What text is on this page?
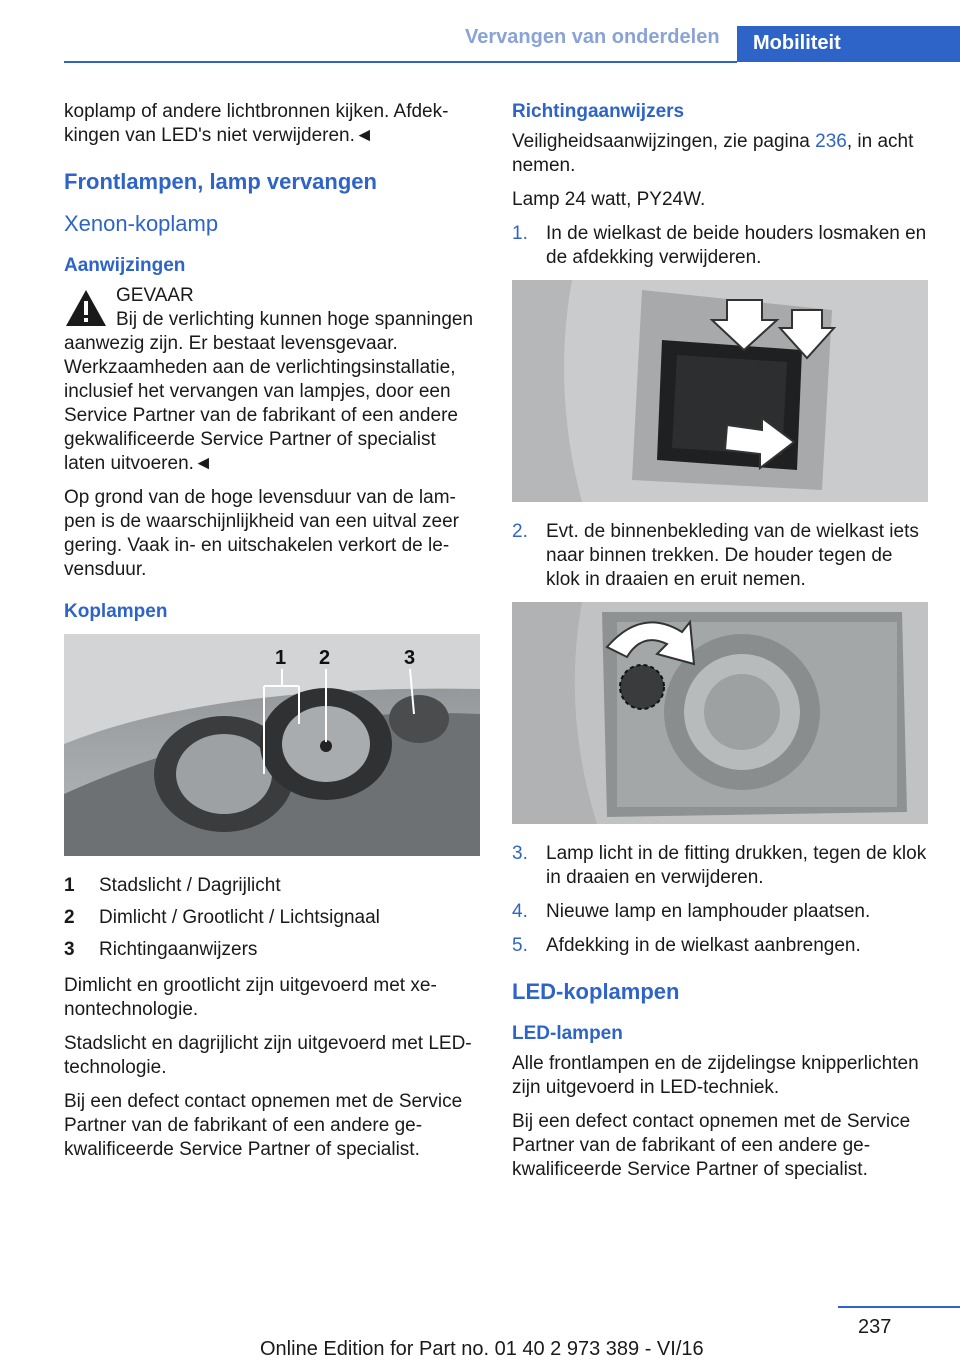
Vervangen van onderdelen Mobiliteit

koplamp of andere lichtbronnen kijken. Afdekkingen van LED's niet verwijderen.◄

Frontlampen, lamp vervangen
Xenon-koplamp
Aanwijzingen
GEVAAR

Bij de verlichting kunnen hoge spanningen aanwezig zijn. Er bestaat levensgevaar. Werkzaamheden aan de verlichtingsinstallatie, inclusief het vervangen van lampjes, door een Service Partner van de fabrikant of een andere gekwalificeerde Service Partner of specialist laten uitvoeren.◄

Op grond van de hoge levensduur van de lampen is de waarschijnlijkheid van een uitval zeer gering. Vaak in- en uitschakelen verkort de levensduur.

Koplampen
1 2	3
1	Stadslicht / Dagrijlicht
2	Dimlicht / Grootlicht / Lichtsignaal
3	Richtingaanwijzers

Dimlicht en grootlicht zijn uitgevoerd met xenontechnologie.

Stadslicht en dagrijlicht zijn uitgevoerd met LED-technologie.

Bij een defect contact opnemen met de Service Partner van de fabrikant of een andere gekwalificeerde Service Partner of specialist.

Richtingaanwijzers

Veiligheidsaanwijzingen, zie pagina 236, in acht nemen.

Lamp 24 watt, PY24W.

1. In de wielkast de beide houders losmaken en de afdekking verwijderen.
2. Evt. de binnenbekleding van de wielkast iets naar binnen trekken. De houder tegen de klok in draaien en eruit nemen.
3. Lamp licht in de fitting drukken, tegen de klok in draaien en verwijderen.
4. Nieuwe lamp en lamphouder plaatsen.
5. Afdekking in de wielkast aanbrengen.
LED-koplampen
LED-lampen

Alle frontlampen en de zijdelingse knipperlichten zijn uitgevoerd in LED-techniek.

Bij een defect contact opnemen met de Service Partner van de fabrikant of een andere gekwalificeerde Service Partner of specialist.

237
Online Edition for Part no. 01 40 2 973 389 - VI/16
